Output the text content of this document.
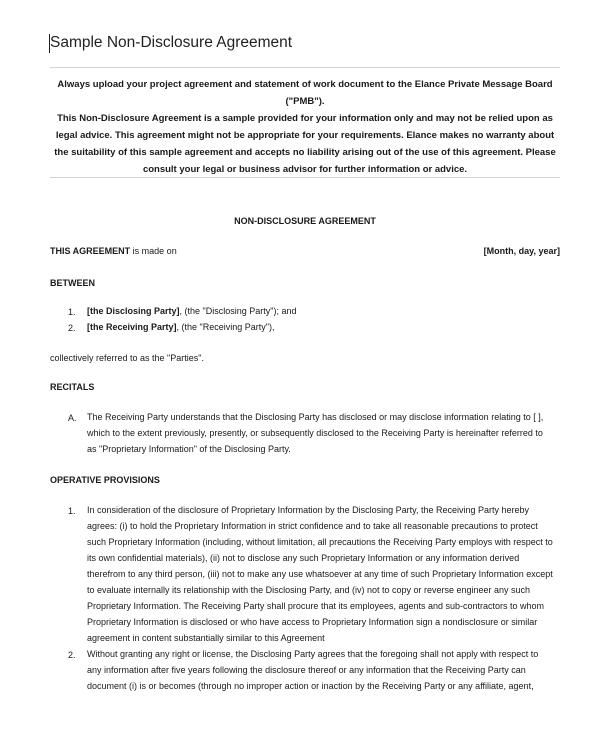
Sample Non-Disclosure Agreement

Always upload your project agreement and statement of work document to the Elance Private Message Board ("PMB").

This Non-Disclosure Agreement is a sample provided for your information only and may not be relied upon as legal advice. This agreement might not be appropriate for your requirements. Elance makes no warranty about the suitability of this sample agreement and accepts no liability arising out of the use of this agreement. Please consult your legal or business advisor for further information or advice.

NON-DISCLOSURE AGREEMENT
THIS AGREEMENT is made on	[Month, day, year]
BETWEEN
1. [the Disclosing Party], (the "Disclosing Party"); and
2. [the Receiving Party], (the "Receiving Party"),
collectively referred to as the "Parties".
RECITALS
A. The Receiving Party understands that the Disclosing Party has disclosed or may disclose information relating to [ ],
which to the extent previously, presently, or subsequently disclosed to the Receiving Party is hereinafter referred to
as "Proprietary Information" of the Disclosing Party.
OPERATIVE PROVISIONS
1. In consideration of the disclosure of Proprietary Information by the Disclosing Party, the Receiving Party hereby
agrees: (i) to hold the Proprietary Information in strict confidence and to take all reasonable precautions to protect
such Proprietary Information (including, without limitation, all precautions the Receiving Party employs with respect to
its own confidential materials), (ii) not to disclose any such Proprietary Information or any information derived
therefrom to any third person, (iii) not to make any use whatsoever at any time of such Proprietary Information except
to evaluate internally its relationship with the Disclosing Party, and (iv) not to copy or reverse engineer any such
Proprietary Information. The Receiving Party shall procure that its employees, agents and sub-contractors to whom
Proprietary Information is disclosed or who have access to Proprietary Information sign a nondisclosure or similar
agreement in content substantially similar to this Agreement
2. Without granting any right or license, the Disclosing Party agrees that the foregoing shall not apply with respect to
any information after five years following the disclosure thereof or any information that the Receiving Party can
document (i) is or becomes (through no improper action or inaction by the Receiving Party or any affiliate, agent,
